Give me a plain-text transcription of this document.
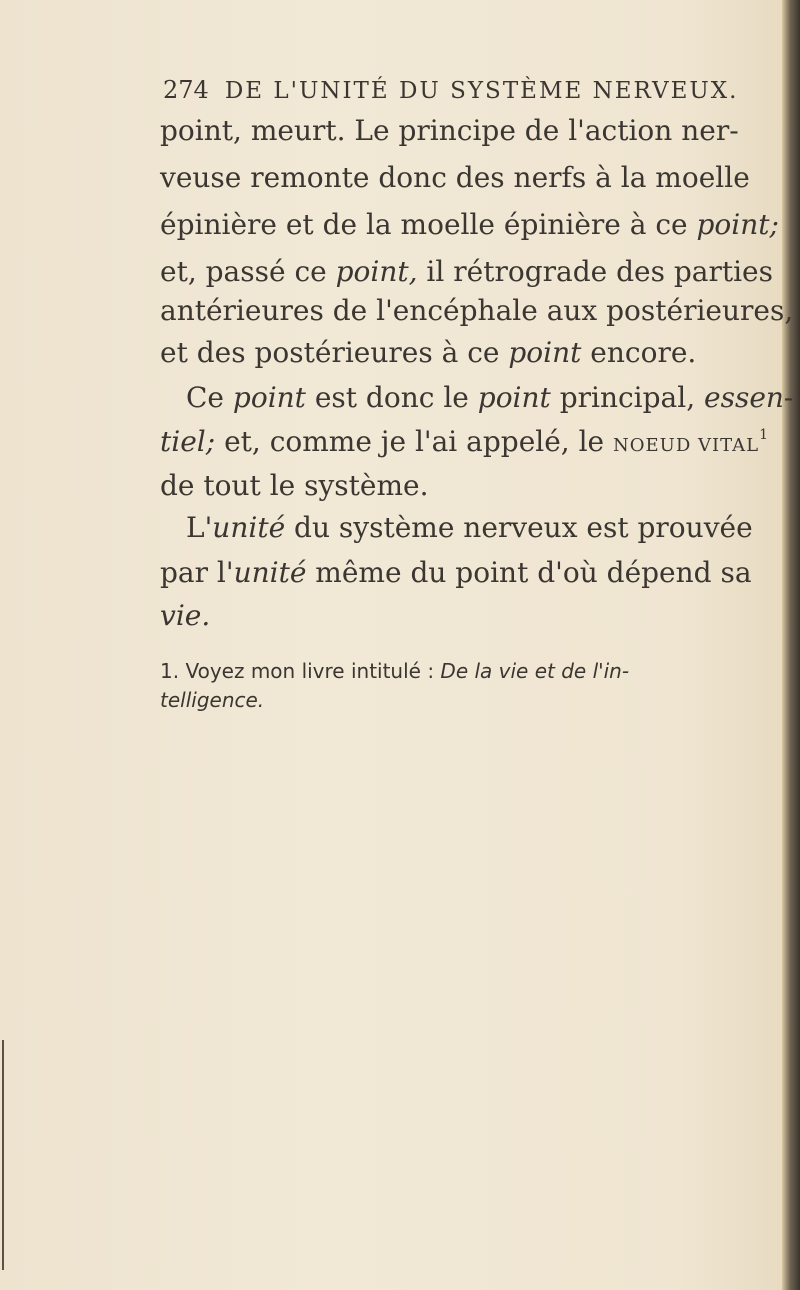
274 DE L'UNITÉ DU SYSTÈME NERVEUX.
point, meurt. Le principe de l'action ner-
veuse remonte donc des nerfs à la moelle
épinière et de la moelle épinière à ce point;
et, passé ce point, il rétrograde des parties
antérieures de l'encéphale aux postérieures,
et des postérieures à ce point encore.
Ce point est donc le point principal, essen-
tiel; et, comme je l'ai appelé, le NOEUD VITAL$^1$
de tout le système.
L'unité du système nerveux est prouvée
par l'unité même du point d'où dépend sa
vie.
1. Voyez mon livre intitulé : De la vie et de l'in-
telligence.
